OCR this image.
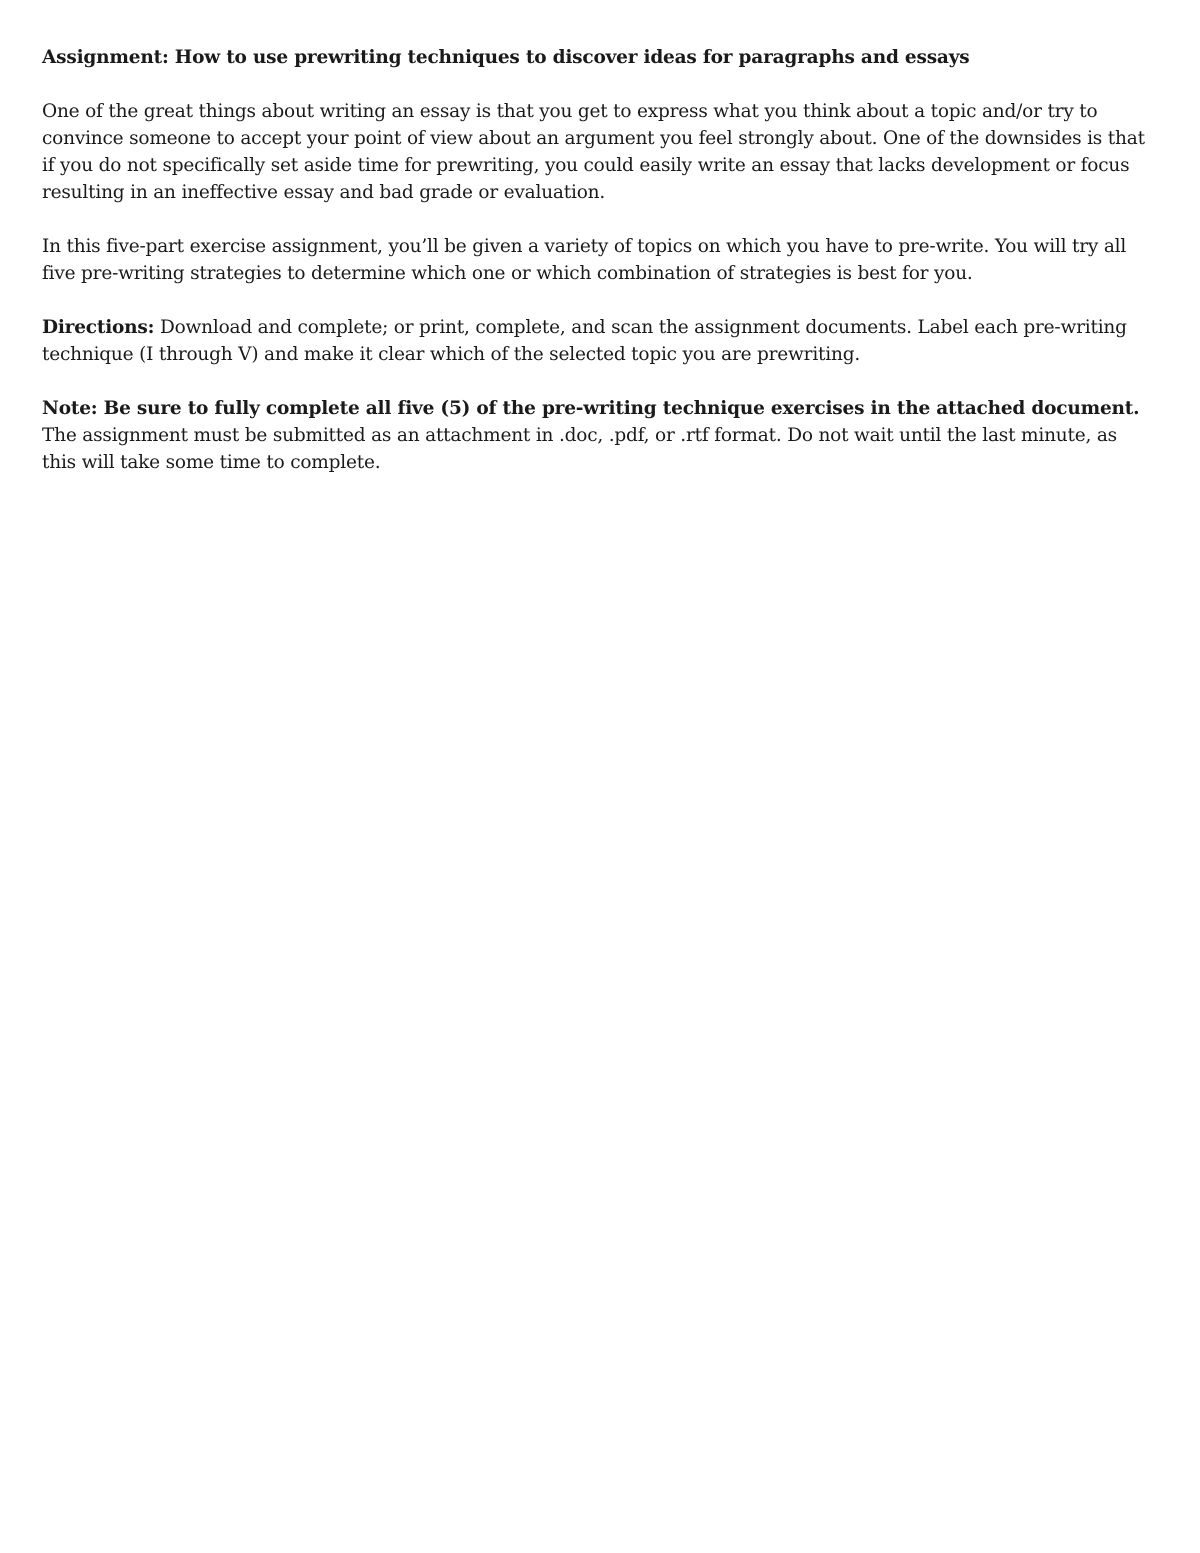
Assignment: How to use prewriting techniques to discover ideas for paragraphs and essays

One of the great things about writing an essay is that you get to express what you think about a topic and/or try to convince someone to accept your point of view about an argument you feel strongly about. One of the downsides is that if you do not specifically set aside time for prewriting, you could easily write an essay that lacks development or focus resulting in an ineffective essay and bad grade or evaluation.

In this five-part exercise assignment, you’ll be given a variety of topics on which you have to pre-write. You will try all five pre-writing strategies to determine which one or which combination of strategies is best for you.

Directions: Download and complete; or print, complete, and scan the assignment documents. Label each pre-writing technique (I through V) and make it clear which of the selected topic you are prewriting.

Note: Be sure to fully complete all five (5) of the pre-writing technique exercises in the attached document.
The assignment must be submitted as an attachment in .doc, .pdf, or .rtf format. Do not wait until the last minute, as this will take some time to complete.
